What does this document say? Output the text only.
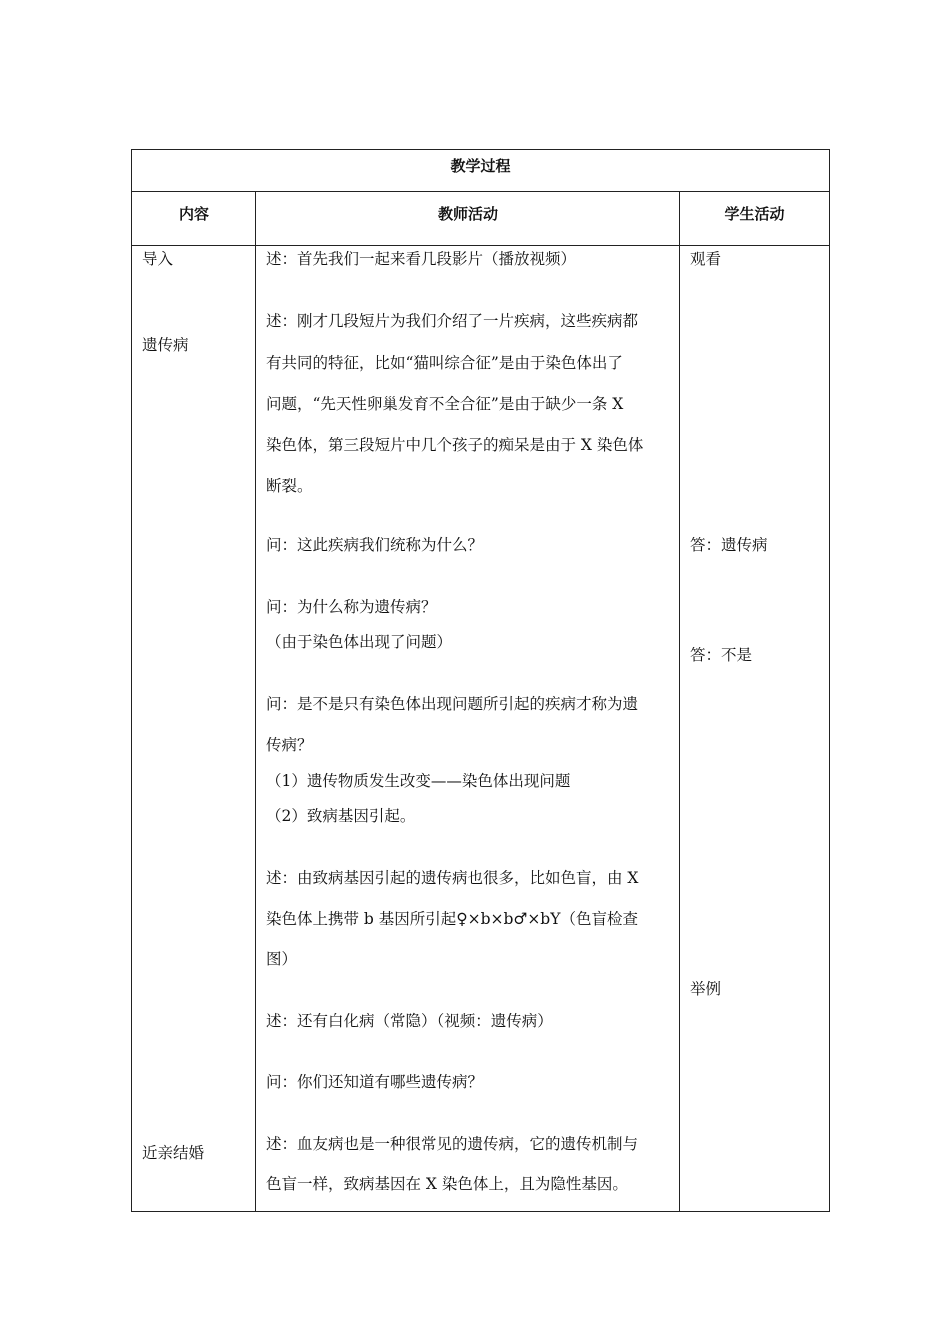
教学过程
内容	教师活动	学生活动
导入
遗传病
近亲结婚
述：首先我们一起来看几段影片（播放视频）
述：刚才几段短片为我们介绍了一片疾病，这些疾病都
有共同的特征，比如“猫叫综合征”是由于染色体出了
问题，“先天性卵巢发育不全合征”是由于缺少一条 X
染色体，第三段短片中几个孩子的痴呆是由于 X 染色体
断裂。
问：这此疾病我们统称为什么？
问：为什么称为遗传病？
（由于染色体出现了问题）
问：是不是只有染色体出现问题所引起的疾病才称为遗
传病？
（1）遗传物质发生改变——染色体出现问题
（2）致病基因引起。
述：由致病基因引起的遗传病也很多，比如色盲，由 X
染色体上携带 b 基因所引起♀×b×b♂×bY（色盲检查
图）
述：还有白化病（常隐）（视频：遗传病）
问：你们还知道有哪些遗传病？
述：血友病也是一种很常见的遗传病，它的遗传机制与
色盲一样，致病基因在 X 染色体上，且为隐性基因。
观看
答：遗传病
答：不是
举例
